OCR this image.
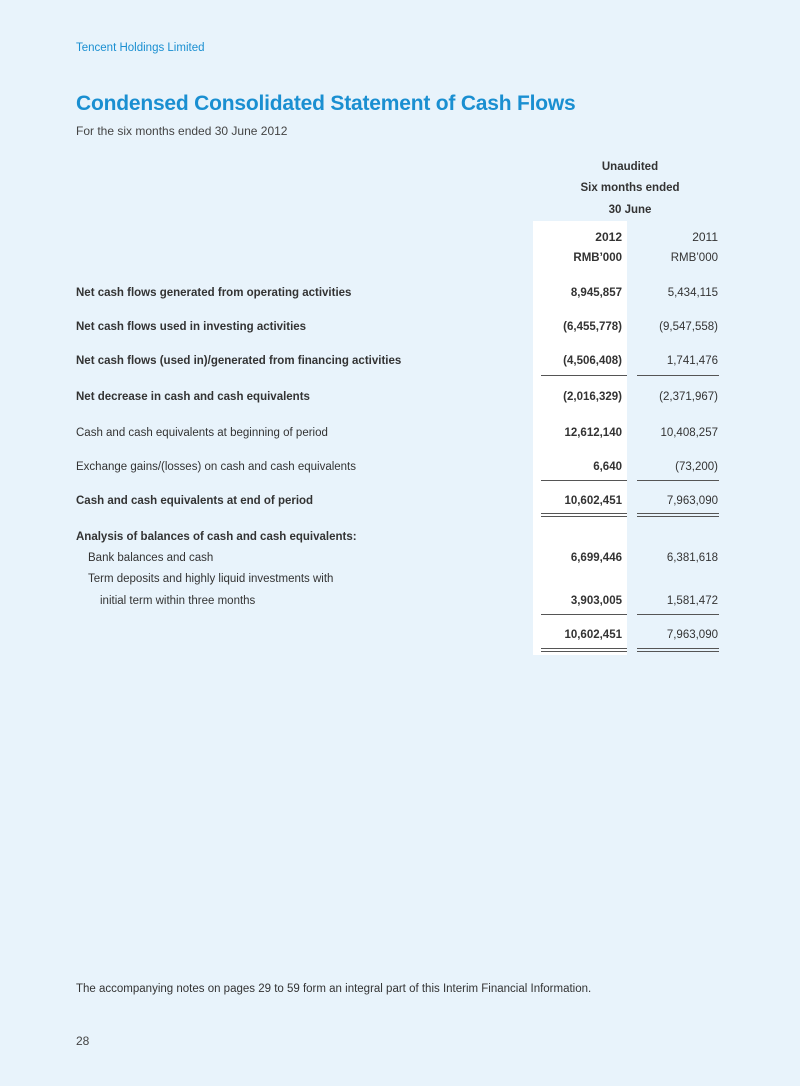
Tencent Holdings Limited
Condensed Consolidated Statement of Cash Flows
For the six months ended 30 June 2012
Unaudited
Six months ended
30 June
2012	2011
RMB’000	RMB’000
Net cash flows generated from operating activities	8,945,857	5,434,115
Net cash flows used in investing activities	(6,455,778)	(9,547,558)
Net cash flows (used in)/generated from financing activities	(4,506,408)	1,741,476
Net decrease in cash and cash equivalents	(2,016,329)	(2,371,967)
Cash and cash equivalents at beginning of period	12,612,140	10,408,257
Exchange gains/(losses) on cash and cash equivalents	6,640	(73,200)
Cash and cash equivalents at end of period	10,602,451	7,963,090
Analysis of balances of cash and cash equivalents:
Bank balances and cash	6,699,446	6,381,618
Term deposits and highly liquid investments with
initial term within three months	3,903,005	1,581,472
10,602,451	7,963,090
The accompanying notes on pages 29 to 59 form an integral part of this Interim Financial Information.
28
